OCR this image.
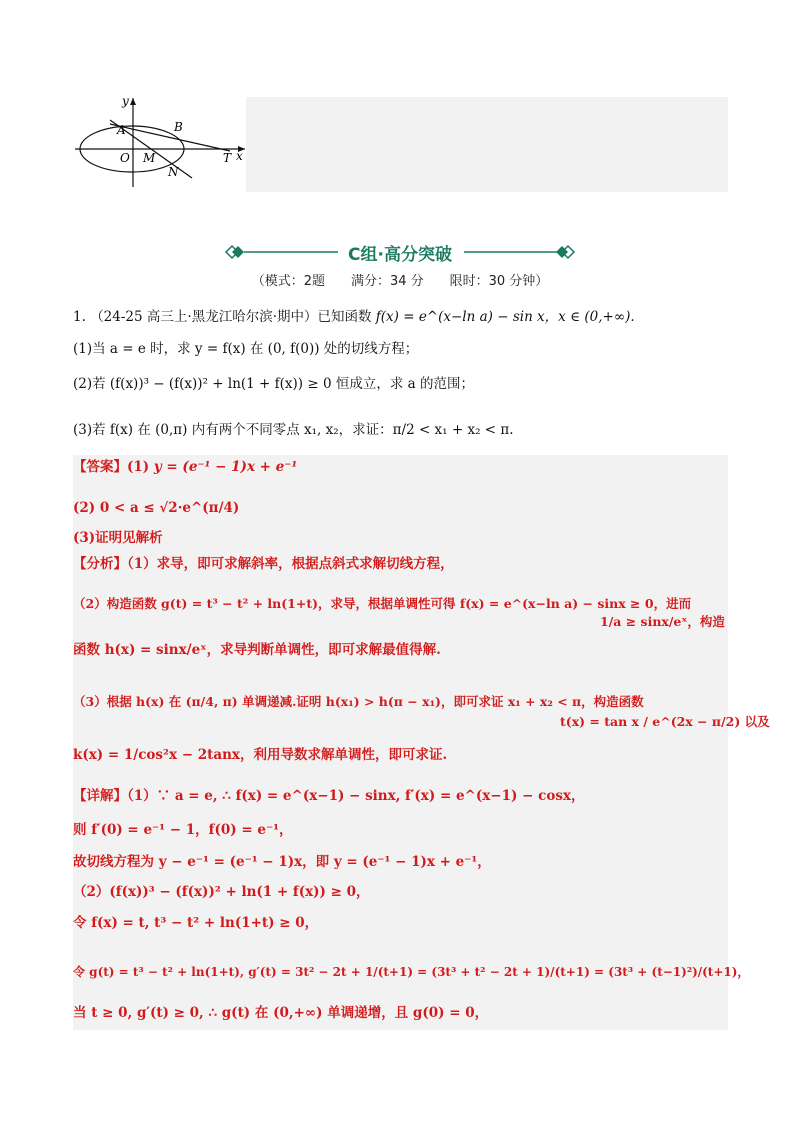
y
A	B
O M	T x
N
C组·高分突破
（模式：2题　　满分：34 分　　限时：30 分钟）
1. （24-25 高三上·黑龙江哈尔滨·期中）已知函数 f(x) = e^(x−ln a) − sin x，x ∈ (0,+∞).
(1)当 a = e 时，求 y = f(x) 在 (0, f(0)) 处的切线方程；
(2)若 (f(x))³ − (f(x))² + ln(1 + f(x)) ≥ 0 恒成立，求 a 的范围；
(3)若 f(x) 在 (0,π) 内有两个不同零点 x₁, x₂，求证：π/2 < x₁ + x₂ < π.
【答案】(1) y = (e⁻¹ − 1)x + e⁻¹
(2) 0 < a ≤ √2·e^(π/4)
(3)证明见解析
【分析】（1）求导，即可求解斜率，根据点斜式求解切线方程，
（2）构造函数 g(t) = t³ − t² + ln(1+t)，求导，根据单调性可得 f(x) = e^(x−ln a) − sinx ≥ 0，进而
1/a ≥ sinx/eˣ，构造
函数 h(x) = sinx/eˣ，求导判断单调性，即可求解最值得解.
（3）根据 h(x) 在 (π/4, π) 单调递减.证明 h(x₁) > h(π − x₁)，即可求证 x₁ + x₂ < π，构造函数
t(x) = tan x / e^(2x − π/2) 以及
k(x) = 1/cos²x − 2tanx，利用导数求解单调性，即可求证.
【详解】（1）∵ a = e, ∴ f(x) = e^(x−1) − sinx, f′(x) = e^(x−1) − cosx，
则 f′(0) = e⁻¹ − 1，f(0) = e⁻¹，
故切线方程为 y − e⁻¹ = (e⁻¹ − 1)x，即 y = (e⁻¹ − 1)x + e⁻¹，
（2）(f(x))³ − (f(x))² + ln(1 + f(x)) ≥ 0，
令 f(x) = t, t³ − t² + ln(1+t) ≥ 0，
令 g(t) = t³ − t² + ln(1+t), g′(t) = 3t² − 2t + 1/(t+1) = (3t³ + t² − 2t + 1)/(t+1) = (3t³ + (t−1)²)/(t+1)，
当 t ≥ 0, g′(t) ≥ 0, ∴ g(t) 在 (0,+∞) 单调递增，且 g(0) = 0，
